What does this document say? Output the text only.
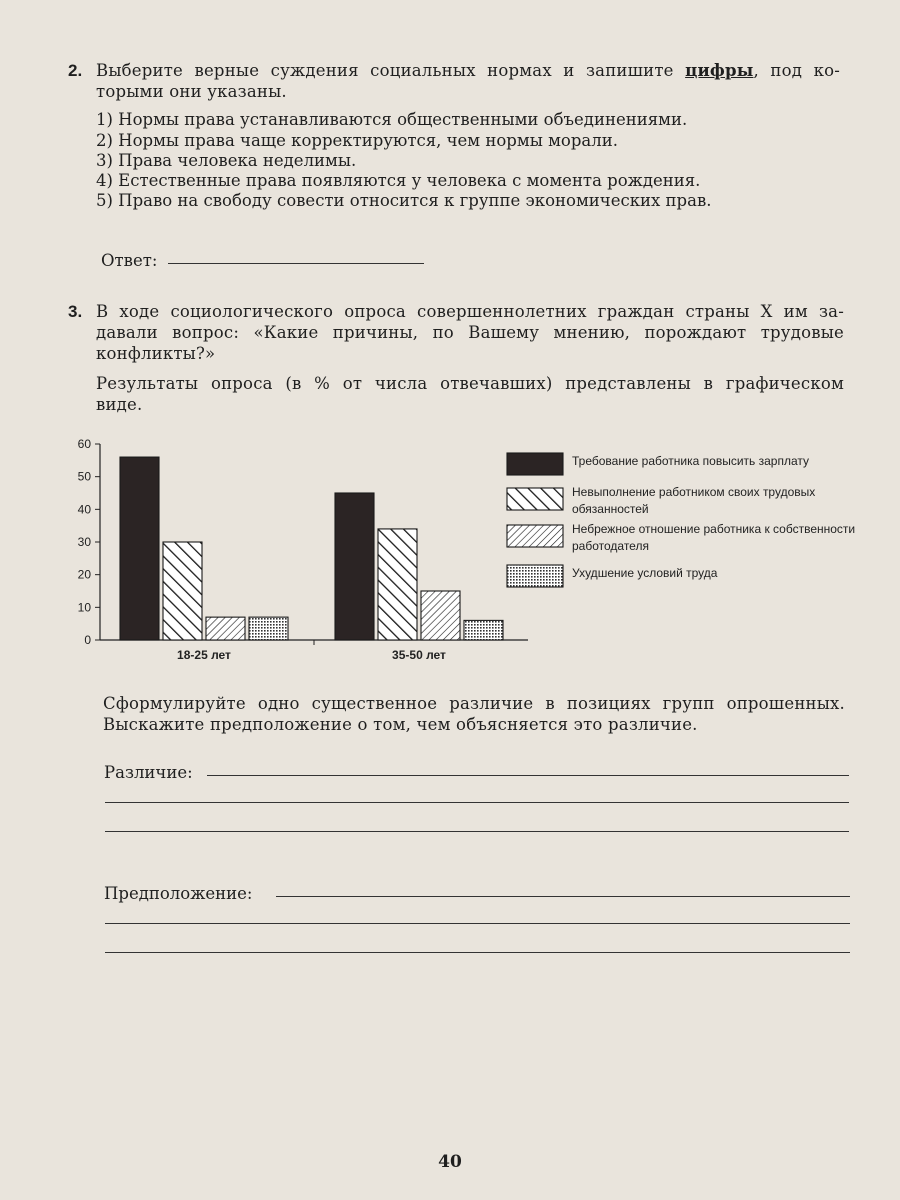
2. Выберите верные суждения социальных нормах и запишите цифры, под ко-
торыми они указаны.
1) Нормы права устанавливаются общественными объединениями.
2) Нормы права чаще корректируются, чем нормы морали.
3) Права человека неделимы.
4) Естественные права появляются у человека с момента рождения.
5) Право на свободу совести относится к группе экономических прав.
Ответ:
3. В ходе социологического опроса совершеннолетних граждан страны Х им за-
давали вопрос: «Какие причины, по Вашему мнению, порождают трудовые
конфликты?»
Результаты опроса (в % от числа отвечавших) представлены в графическом
виде.
0
10
20
30
40
50
60
18-25 лет	35-50 лет
Требование работника повысить зарплату
Невыполнение работником своих трудовых
обязанностей
Небрежное отношение работника к собственности
работодателя
Ухудшение условий труда
Сформулируйте одно существенное различие в позициях групп опрошенных.
Выскажите предположение о том, чем объясняется это различие.
Различие:
Предположение:
40
